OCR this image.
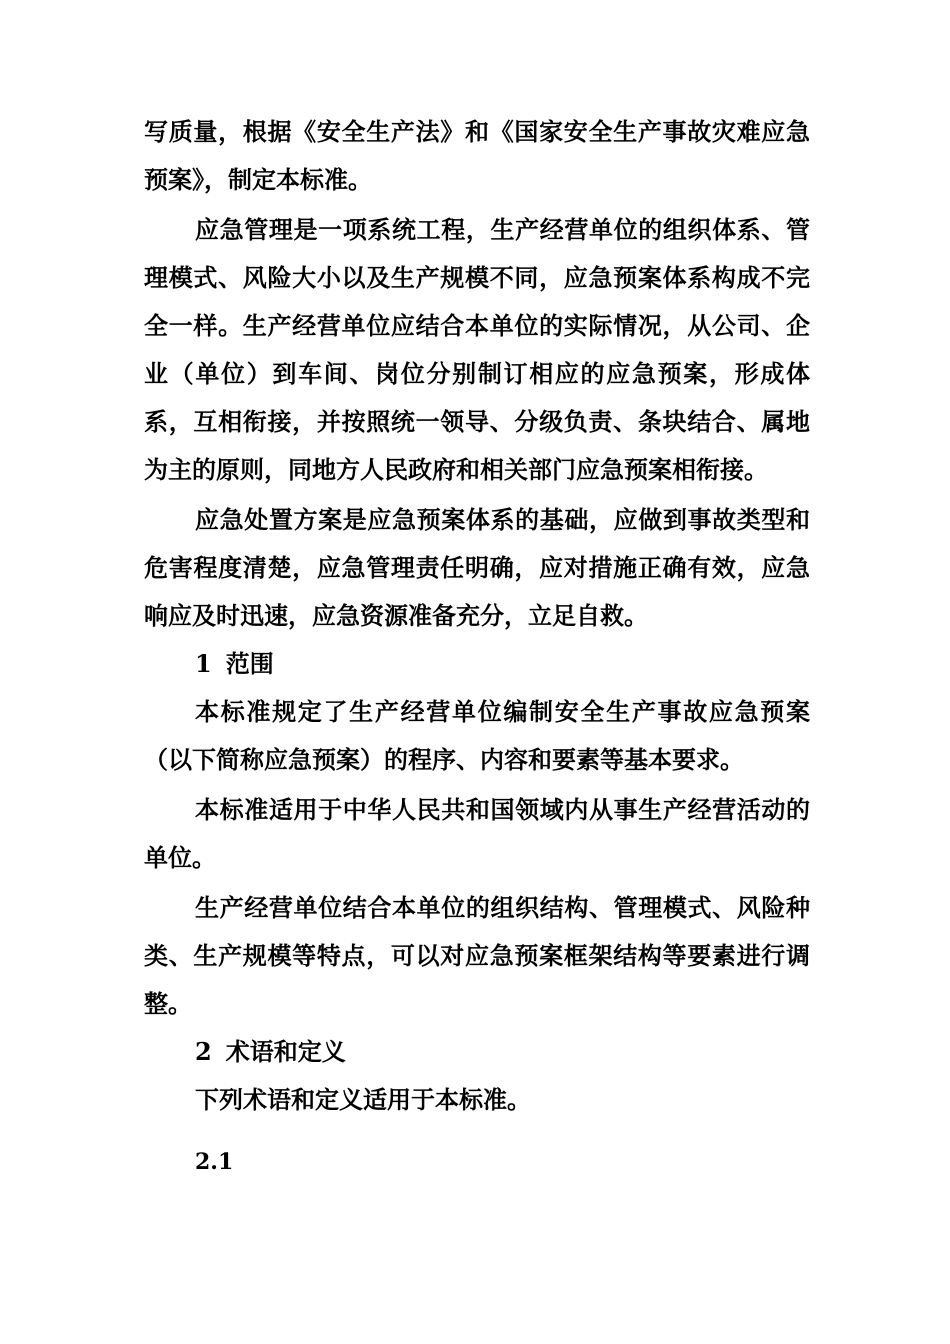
写质量，根据《安全生产法》和《国家安全生产事故灾难应急预案》，制定本标准。

应急管理是一项系统工程，生产经营单位的组织体系、管理模式、风险大小以及生产规模不同，应急预案体系构成不完全一样。生产经营单位应结合本单位的实际情况，从公司、企业（单位）到车间、岗位分别制订相应的应急预案，形成体系，互相衔接，并按照统一领导、分级负责、条块结合、属地为主的原则，同地方人民政府和相关部门应急预案相衔接。

应急处置方案是应急预案体系的基础，应做到事故类型和危害程度清楚，应急管理责任明确，应对措施正确有效，应急响应及时迅速，应急资源准备充分，立足自救。

1 范围

本标准规定了生产经营单位编制安全生产事故应急预案（以下简称应急预案）的程序、内容和要素等基本要求。

本标准适用于中华人民共和国领域内从事生产经营活动的单位。

生产经营单位结合本单位的组织结构、管理模式、风险种类、生产规模等特点，可以对应急预案框架结构等要素进行调整。

2 术语和定义

下列术语和定义适用于本标准。

2.1
